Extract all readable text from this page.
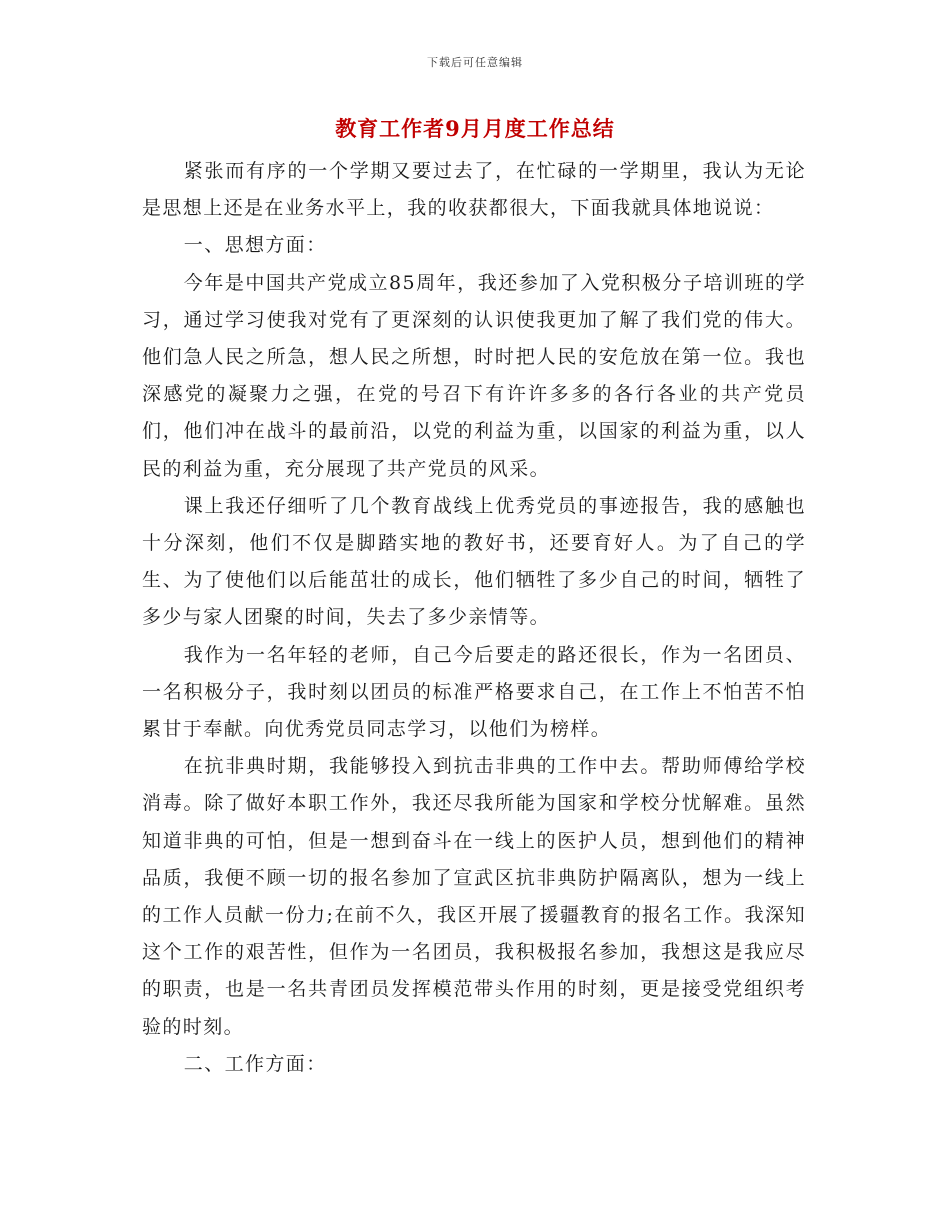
下载后可任意编辑
教育工作者9月月度工作总结

紧张而有序的一个学期又要过去了，在忙碌的一学期里，我认为无论是思想上还是在业务水平上，我的收获都很大，下面我就具体地说说：

一、思想方面：

今年是中国共产党成立85周年，我还参加了入党积极分子培训班的学习，通过学习使我对党有了更深刻的认识使我更加了解了我们党的伟大。他们急人民之所急，想人民之所想，时时把人民的安危放在第一位。我也深感党的凝聚力之强，在党的号召下有许许多多的各行各业的共产党员们，他们冲在战斗的最前沿，以党的利益为重，以国家的利益为重，以人民的利益为重，充分展现了共产党员的风采。

课上我还仔细听了几个教育战线上优秀党员的事迹报告，我的感触也十分深刻，他们不仅是脚踏实地的教好书，还要育好人。为了自己的学生、为了使他们以后能茁壮的成长，他们牺牲了多少自己的时间，牺牲了多少与家人团聚的时间，失去了多少亲情等。

我作为一名年轻的老师，自己今后要走的路还很长，作为一名团员、一名积极分子，我时刻以团员的标准严格要求自己，在工作上不怕苦不怕累甘于奉献。向优秀党员同志学习，以他们为榜样。

在抗非典时期，我能够投入到抗击非典的工作中去。帮助师傅给学校消毒。除了做好本职工作外，我还尽我所能为国家和学校分忧解难。虽然知道非典的可怕，但是一想到奋斗在一线上的医护人员，想到他们的精神品质，我便不顾一切的报名参加了宣武区抗非典防护隔离队，想为一线上的工作人员献一份力;在前不久，我区开展了援疆教育的报名工作。我深知这个工作的艰苦性，但作为一名团员，我积极报名参加，我想这是我应尽的职责，也是一名共青团员发挥模范带头作用的时刻，更是接受党组织考验的时刻。

二、工作方面：
